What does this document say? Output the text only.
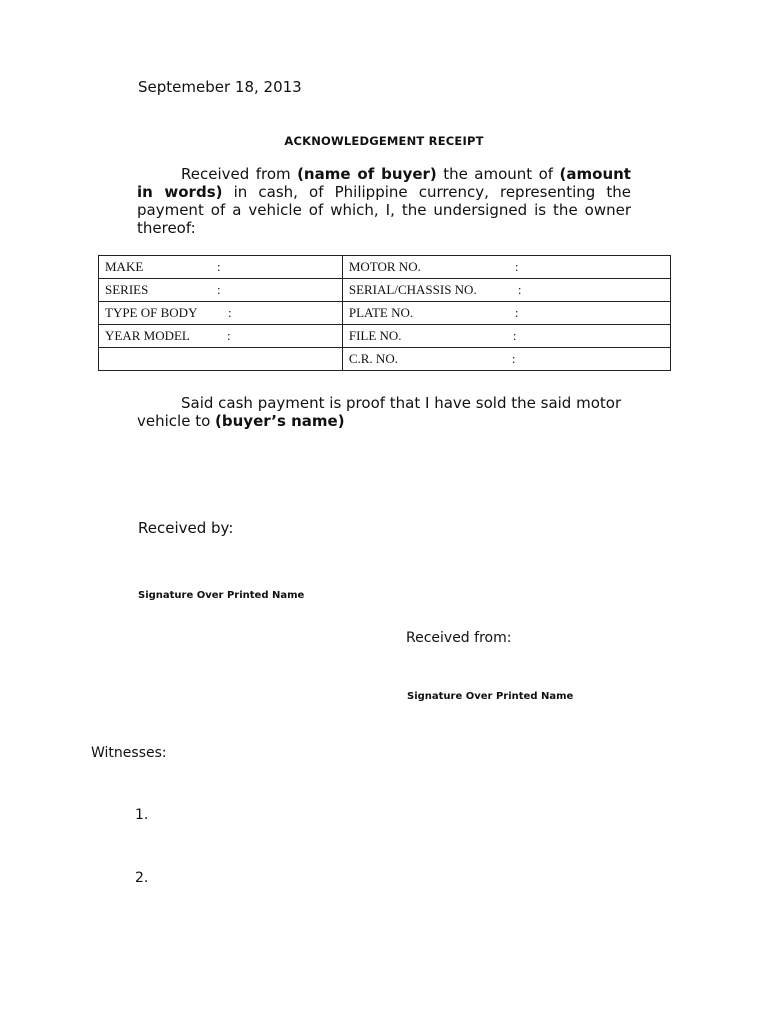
Septemeber 18, 2013
ACKNOWLEDGEMENT RECEIPT
Received from (name of buyer) the amount of (amount in words) in cash, of Philippine currency, representing the payment of a vehicle of which, I, the undersigned is the owner thereof:
MAKE :	MOTOR NO. :

SERIES :	SERIAL/CHASSIS NO. :

TYPE OF BODY :	PLATE NO. :

YEAR MODEL :	FILE NO. :

	C.R. NO. :
Said cash payment is proof that I have sold the said motor vehicle to (buyer’s name)
Received by:
Signature Over Printed Name
Received from:
Signature Over Printed Name
Witnesses:
1.
2.
